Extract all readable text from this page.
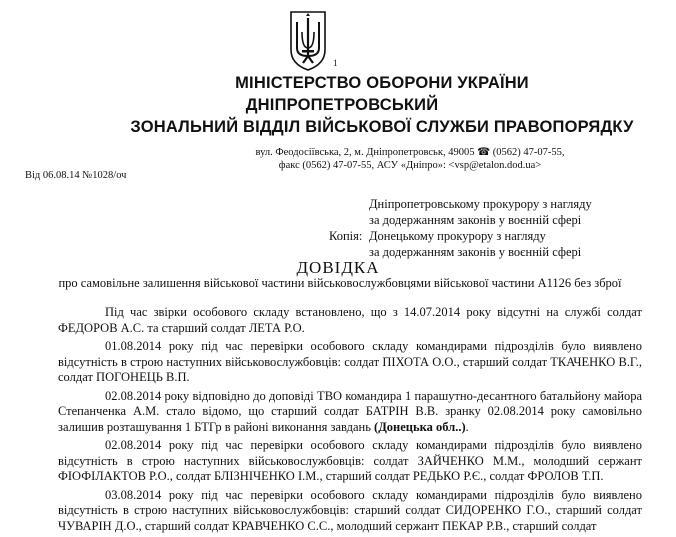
1
МІНІСТЕРСТВО ОБОРОНИ УКРАЇНИ
ДНІПРОПЕТРОВСЬКИЙ
ЗОНАЛЬНИЙ ВІДДІЛ ВІЙСЬКОВОЇ СЛУЖБИ ПРАВОПОРЯДКУ
вул. Феодосіївська, 2, м. Дніпропетровськ, 49005 ☎ (0562) 47-07-55,
факс (0562) 47-07-55, АСУ «Дніпро»: <vsp@etalon.dod.ua>
Від 06.08.14 №1028/оч
Дніпропетровському прокурору з нагляду
за додержанням законів у воєнній сфері
Копія: Донецькому прокурору з нагляду
за додержанням законів у воєнній сфері
ДОВІДКА
про самовільне залишення військової частини військовослужбовцями військової частини А1126 без зброї

Під час звірки особового складу встановлено, що з 14.07.2014 року відсутні на службі солдат ФЕДОРОВ А.С. та старший солдат ЛЕТА Р.О.

01.08.2014 року під час перевірки особового складу командирами підрозділів було виявлено відсутність в строю наступних військовослужбовців: солдат ПІХОТА О.О., старший солдат ТКАЧЕНКО В.Г., солдат ПОГОНЕЦЬ В.П.

02.08.2014 року відповідно до доповіді ТВО командира 1 парашутно-десантного батальйону майора Степанченка А.М. стало відомо, що старший солдат БАТРІН В.В. зранку 02.08.2014 року самовільно залишив розташування 1 БТГр в районі виконання завдань (Донецька обл..).

02.08.2014 року під час перевірки особового складу командирами підрозділів було виявлено відсутність в строю наступних військовослужбовців: солдат ЗАЙЧЕНКО М.М., молодший сержант ФІОФІЛАКТОВ Р.О., солдат БЛІЗНІЧЕНКО І.М., старший солдат РЕДЬКО Р.Є., солдат ФРОЛОВ Т.П.

03.08.2014 року під час перевірки особового складу командирами підрозділів було виявлено відсутність в строю наступних військовослужбовців: старший солдат СИДОРЕНКО Г.О., старший солдат ЧУВАРІН Д.О., старший солдат КРАВЧЕНКО С.С., молодший сержант ПЕКАР Р.В., старший солдат
